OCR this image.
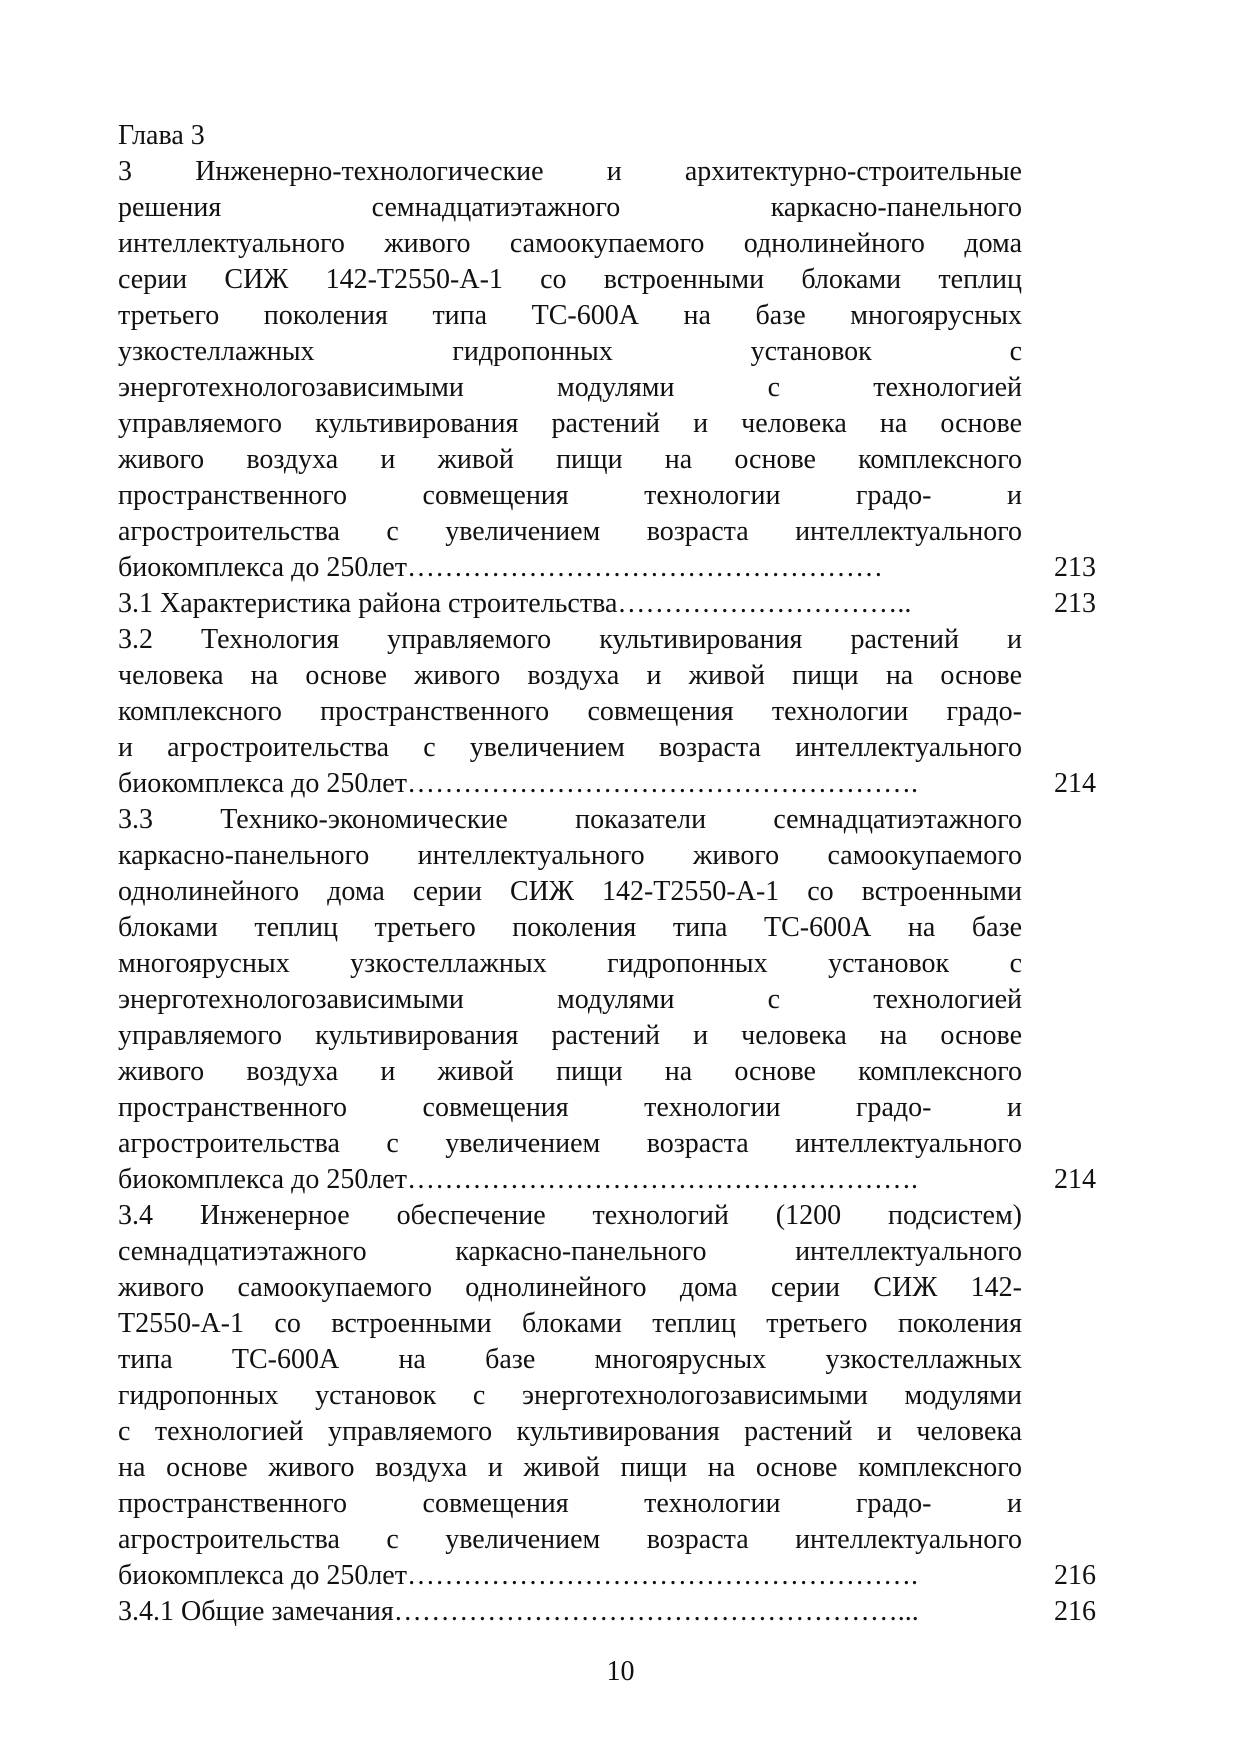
Глава 3
3 Инженерно-технологические и архитектурно-строительные
решения семнадцатиэтажного каркасно-панельного
интеллектуального живого самоокупаемого однолинейного дома
серии СИЖ 142-Т2550-А-1 со встроенными блоками теплиц
третьего поколения типа ТС-600А на базе многоярусных
узкостеллажных гидропонных установок с
энерготехнологозависимыми модулями с технологией
управляемого культивирования растений и человека на основе
живого воздуха и живой пищи на основе комплексного
пространственного совмещения технологии градо- и
агростроительства с увеличением возраста интеллектуального
биокомплекса до 250лет……………………………………………	213
3.1 Характеристика района строительства…………………………..	213
3.2 Технология управляемого культивирования растений и
человека на основе живого воздуха и живой пищи на основе
комплексного пространственного совмещения технологии градо-
и агростроительства с увеличением возраста интеллектуального
биокомплекса до 250лет……………………………………………….	214
3.3 Технико-экономические показатели семнадцатиэтажного
каркасно-панельного интеллектуального живого самоокупаемого
однолинейного дома серии СИЖ 142-Т2550-А-1 со встроенными
блоками теплиц третьего поколения типа ТС-600А на базе
многоярусных узкостеллажных гидропонных установок с
энерготехнологозависимыми модулями с технологией
управляемого культивирования растений и человека на основе
живого воздуха и живой пищи на основе комплексного
пространственного совмещения технологии градо- и
агростроительства с увеличением возраста интеллектуального
биокомплекса до 250лет……………………………………………….	214
3.4 Инженерное обеспечение технологий (1200 подсистем)
семнадцатиэтажного каркасно-панельного интеллектуального
живого самоокупаемого однолинейного дома серии СИЖ 142-
Т2550-А-1 со встроенными блоками теплиц третьего поколения
типа ТС-600А на базе многоярусных узкостеллажных
гидропонных установок с энерготехнологозависимыми модулями
с технологией управляемого культивирования растений и человека
на основе живого воздуха и живой пищи на основе комплексного
пространственного совмещения технологии градо- и
агростроительства с увеличением возраста интеллектуального
биокомплекса до 250лет……………………………………………….	216
3.4.1 Общие замечания………………………………………………...	216
10
